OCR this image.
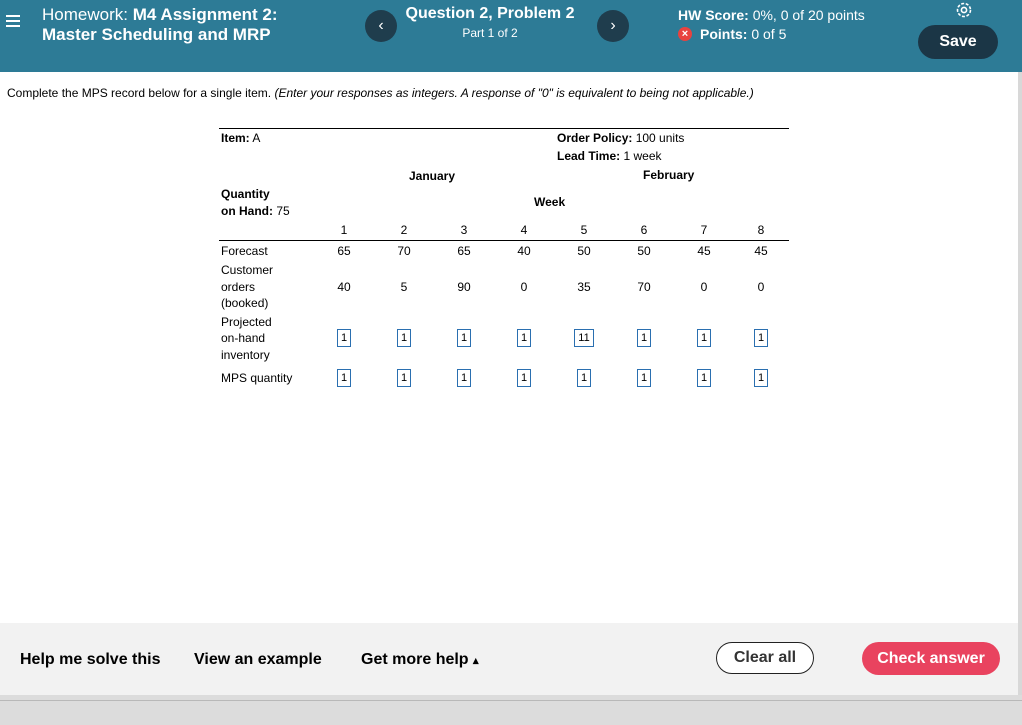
Homework: M4 Assignment 2:
Master Scheduling and MRP	‹
Question 2, Problem 2
Part 1 of 2	›
HW Score: 0%, 0 of 20 points
× Points:
0 of 5	Save
Complete the MPS record below for a single item. (Enter your responses as integers. A response of "0" is equivalent to being not applicable.)
Item: A	Order Policy: 100 units
Lead Time: 1 week
January	February
Quantity
on Hand: 75
Week
1	2	3	4	5	6	7	8
Forecast	65	70	65	40	50	50	45	45
Customer
orders
(booked)
40	5	90	0	35	70	0	0
Projected
on-hand
inventory
1	1	1	1	11	1	1	1
MPS quantity	1	1	1	1	1	1	1	1
Help me solve this View an example Get more help ▴	Clear all	Check answer
